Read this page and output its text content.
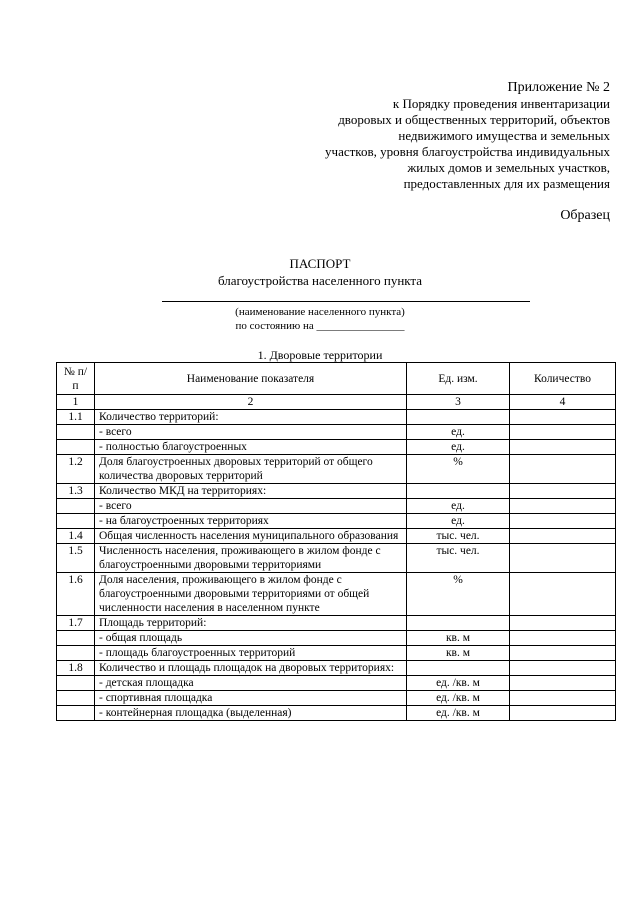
Приложение № 2
к Порядку проведения инвентаризации
дворовых и общественных территорий, объектов
недвижимого имущества и земельных
участков, уровня благоустройства индивидуальных
жилых домов и земельных участков,
предоставленных для их размещения
Образец
ПАСПОРТ
благоустройства населенного пункта
(наименование населенного пункта)
по состоянию на ________________
1. Дворовые территории
№ п/п	Наименование показателя	Ед. изм.	Количество
1	2	3	4
1.1	Количество территорий:		
	- всего	ед.	
	- полностью благоустроенных	ед.	
1.2	Доля благоустроенных дворовых территорий от общего количества дворовых территорий	%	
1.3	Количество МКД на территориях:		
	- всего	ед.	
	- на благоустроенных территориях	ед.	
1.4	Общая численность населения муниципального образования	тыс. чел.	
1.5	Численность населения, проживающего в жилом фонде с благоустроенными дворовыми территориями	тыс. чел.	
1.6	Доля населения, проживающего в жилом фонде с благоустроенными дворовыми территориями от общей численности населения в населенном пункте	%	
1.7	Площадь территорий:		
	- общая площадь	кв. м	
	- площадь благоустроенных территорий	кв. м	
1.8	Количество и площадь площадок на дворовых территориях:		
	- детская площадка	ед. /кв. м	
	- спортивная площадка	ед. /кв. м	
	- контейнерная площадка (выделенная)	ед. /кв. м	
